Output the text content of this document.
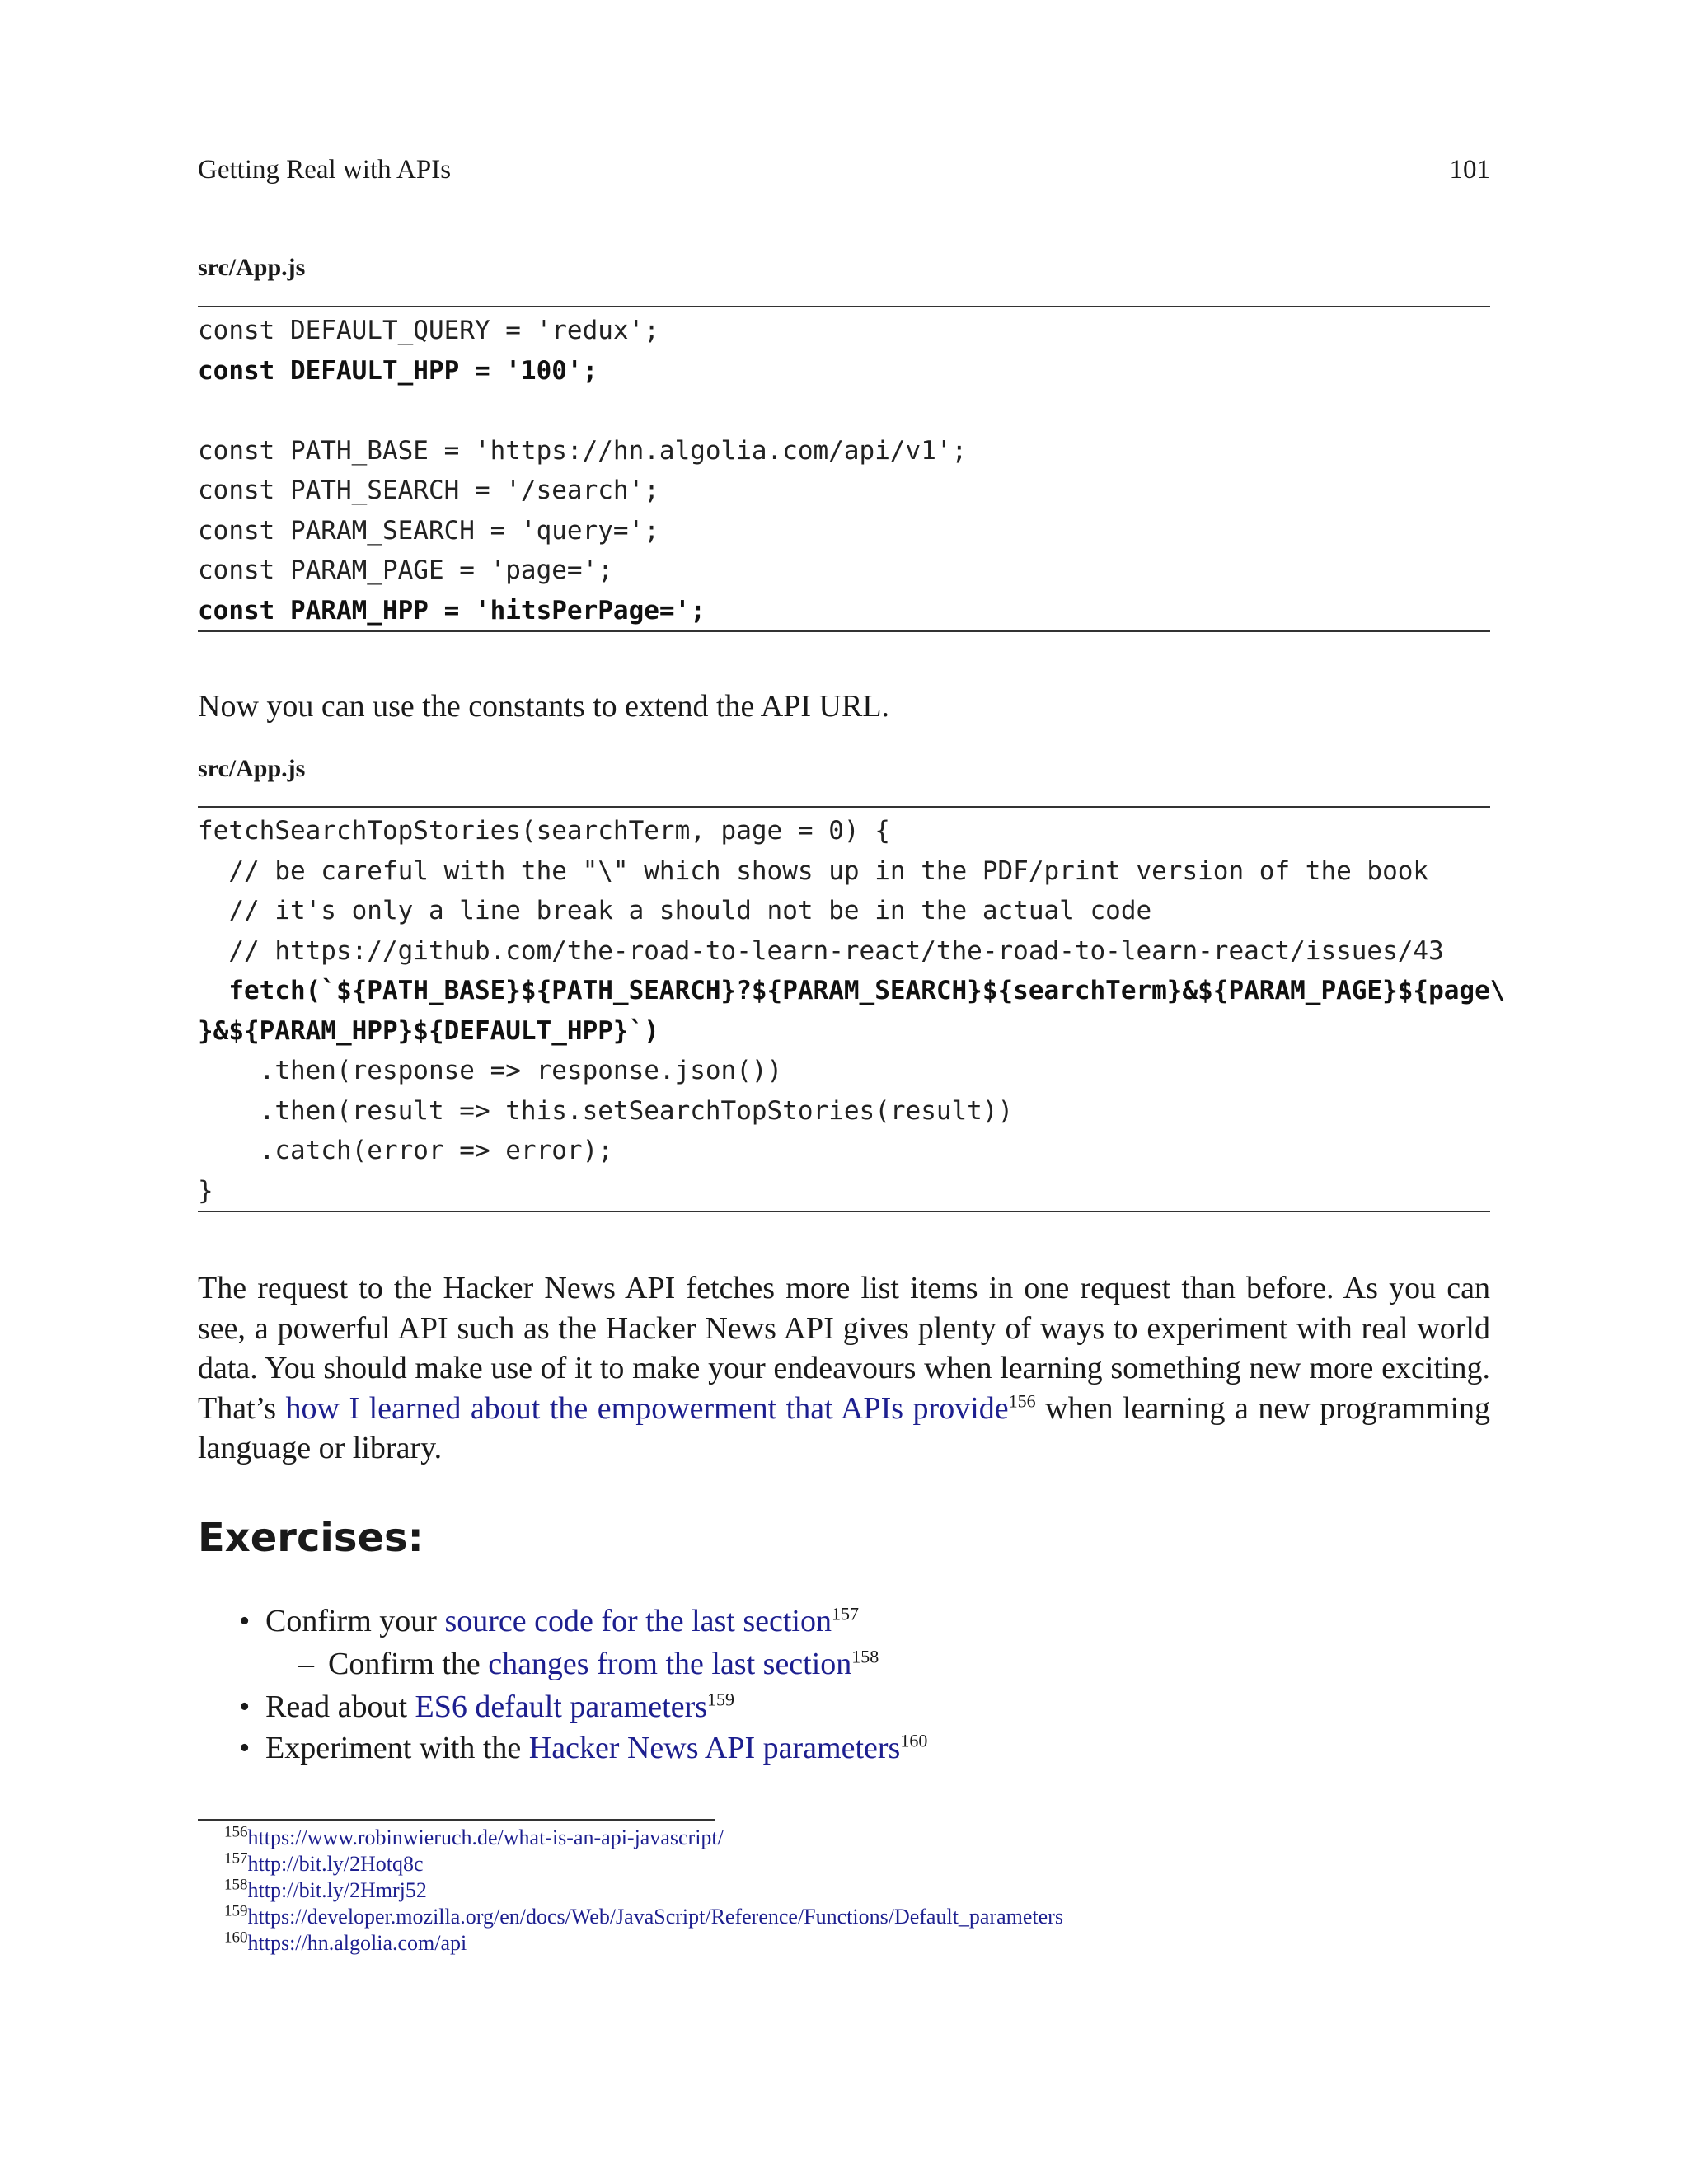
Getting Real with APIs	101
src/App.js
const DEFAULT_QUERY = 'redux';
const DEFAULT_HPP = '100';
const PATH_BASE = 'https://hn.algolia.com/api/v1';
const PATH_SEARCH = '/search';
const PARAM_SEARCH = 'query=';
const PARAM_PAGE = 'page=';
const PARAM_HPP = 'hitsPerPage=';
Now you can use the constants to extend the API URL.
src/App.js
fetchSearchTopStories(searchTerm, page = 0) {
// be careful with the "\" which shows up in the PDF/print version of the book
// it's only a line break a should not be in the actual code
// https://github.com/the-road-to-learn-react/the-road-to-learn-react/issues/43
fetch(`${PATH_BASE}${PATH_SEARCH}?${PARAM_SEARCH}${searchTerm}&${PARAM_PAGE}${page\
}&${PARAM_HPP}${DEFAULT_HPP}`)
.then(response => response.json())
.then(result => this.setSearchTopStories(result))
.catch(error => error);
}
The request to the Hacker News API fetches more list items in one request than before. As you can see, a powerful API such as the Hacker News API gives plenty of ways to experiment with real world data. You should make use of it to make your endeavours when learning something new more exciting. That’s how I learned about the empowerment that APIs provide$^{156}$ when learning a new programming language or library.
Exercises:
• Confirm your source code for the last section$^{157}$
– Confirm the changes from the last section$^{158}$
• Read about ES6 default parameters$^{159}$
• Experiment with the Hacker News API parameters$^{160}$
$^{156}$https://www.robinwieruch.de/what-is-an-api-javascript/
$^{157}$http://bit.ly/2Hotq8c
$^{158}$http://bit.ly/2Hmrj52
$^{159}$https://developer.mozilla.org/en/docs/Web/JavaScript/Reference/Functions/Default_parameters
$^{160}$https://hn.algolia.com/api
